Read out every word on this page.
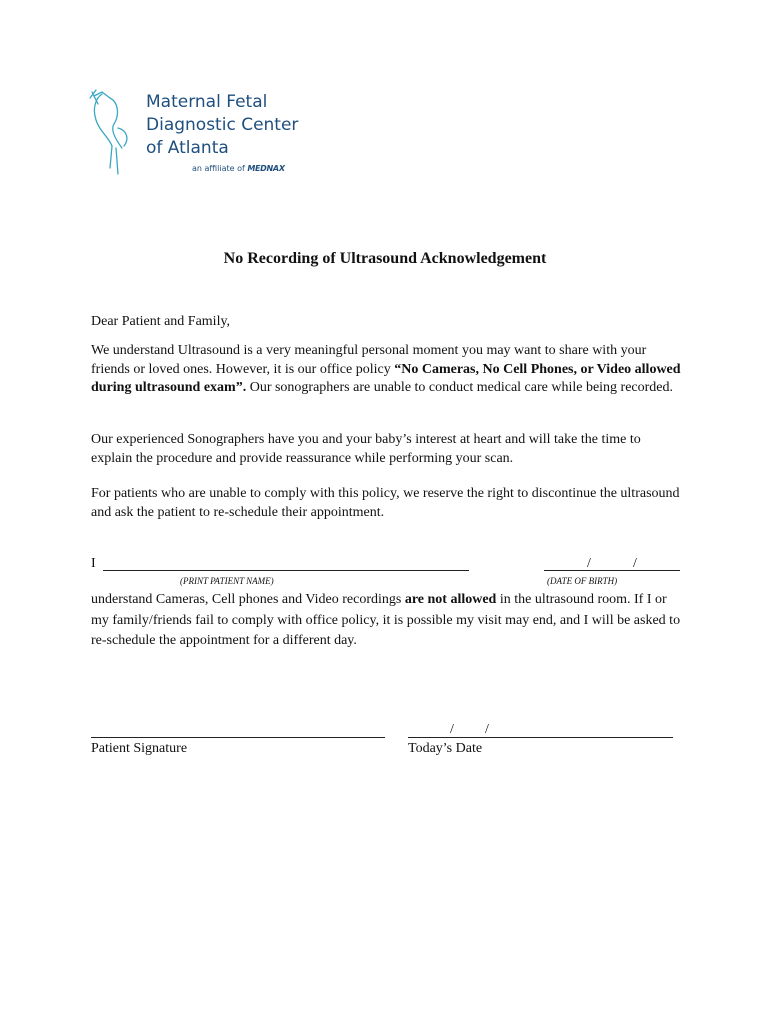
Maternal Fetal
Diagnostic Center
of Atlanta
an affiliate of MEDNAX
No Recording of Ultrasound Acknowledgement
Dear Patient and Family,
We understand Ultrasound is a very meaningful personal moment you may want to share with your friends or loved ones. However, it is our office policy “No Cameras, No Cell Phones, or Video allowed during ultrasound exam”. Our sonographers are unable to conduct medical care while being recorded.
Our experienced Sonographers have you and your baby’s interest at heart and will take the time to explain the procedure and provide reassurance while performing your scan.
For patients who are unable to comply with this policy, we reserve the right to discontinue the ultrasound and ask the patient to re-schedule their appointment.
I
(PRINT PATIENT NAME)
/	/
(DATE OF BIRTH)
understand Cameras, Cell phones and Video recordings are not allowed in the ultrasound room. If I or my family/friends fail to comply with office policy, it is possible my visit may end, and I will be asked to re-schedule the appointment for a different day.
Patient Signature
/ /
Today’s Date
